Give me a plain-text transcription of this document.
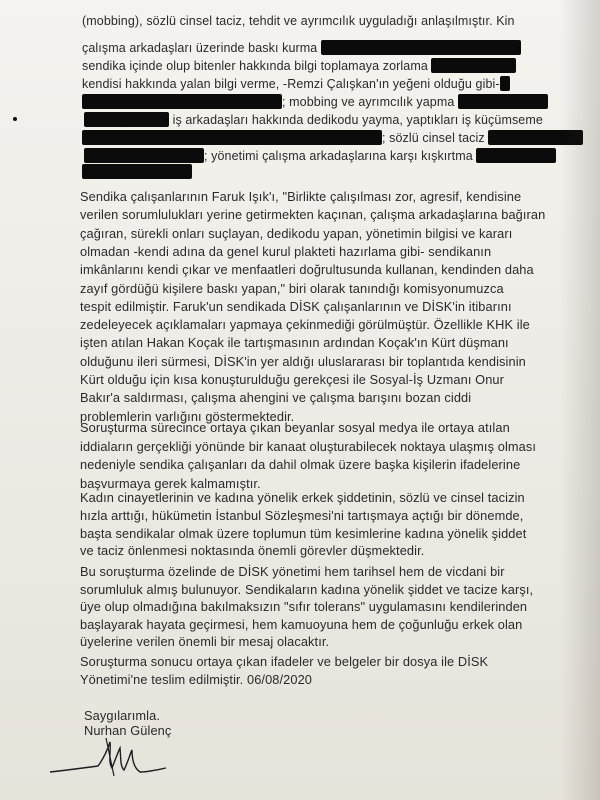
(mobbing), sözlü cinsel taciz, tehdit ve ayrımcılık uyguladığı anlaşılmıştır. Kin
çalışma arkadaşları üzerinde baskı kurma
sendika içinde olup bitenler hakkında bilgi toplamaya zorlama
kendisi hakkında yalan bilgi verme, -Remzi Çalışkan'ın yeğeni olduğu gibi-
; mobbing ve ayrımcılık yapma
iş arkadaşları hakkında dedikodu yayma, yaptıkları iş küçümseme
; sözlü cinsel taciz
; yönetimi çalışma arkadaşlarına karşı kışkırtma
Sendika çalışanlarının Faruk Işık'ı, "Birlikte çalışılması zor, agresif, kendisine
verilen sorumlulukları yerine getirmekten kaçınan, çalışma arkadaşlarına bağıran
çağıran, sürekli onları suçlayan, dedikodu yapan, yönetimin bilgisi ve kararı
olmadan -kendi adına da genel kurul plakteti hazırlama gibi- sendikanın
imkânlarını kendi çıkar ve menfaatleri doğrultusunda kullanan, kendinden daha
zayıf gördüğü kişilere baskı yapan," biri olarak tanındığı komisyonumuzca
tespit edilmiştir. Faruk'un sendikada DİSK çalışanlarının ve DİSK'in itibarını
zedeleyecek açıklamaları yapmaya çekinmediği görülmüştür. Özellikle KHK ile
işten atılan Hakan Koçak ile tartışmasının ardından Koçak'ın Kürt düşmanı
olduğunu ileri sürmesi, DİSK'in yer aldığı uluslararası bir toplantıda kendisinin
Kürt olduğu için kısa konuşturulduğu gerekçesi ile Sosyal-İş Uzmanı Onur
Bakır'a saldırması, çalışma ahengini ve çalışma barışını bozan ciddi
problemlerin varlığını göstermektedir.
Soruşturma sürecince ortaya çıkan beyanlar sosyal medya ile ortaya atılan
iddiaların gerçekliği yönünde bir kanaat oluşturabilecek noktaya ulaşmış olması
nedeniyle sendika çalışanları da dahil olmak üzere başka kişilerin ifadelerine
başvurmaya gerek kalmamıştır.
Kadın cinayetlerinin ve kadına yönelik erkek şiddetinin, sözlü ve cinsel tacizin
hızla arttığı, hükümetin İstanbul Sözleşmesi'ni tartışmaya açtığı bir dönemde,
başta sendikalar olmak üzere toplumun tüm kesimlerine kadına yönelik şiddet
ve taciz önlenmesi noktasında önemli görevler düşmektedir.
Bu soruşturma özelinde de DİSK yönetimi hem tarihsel hem de vicdani bir
sorumluluk almış bulunuyor. Sendikaların kadına yönelik şiddet ve tacize karşı,
üye olup olmadığına bakılmaksızın "sıfır tolerans" uygulamasını kendilerinden
başlayarak hayata geçirmesi, hem kamuoyuna hem de çoğunluğu erkek olan
üyelerine verilen önemli bir mesaj olacaktır.
Soruşturma sonucu ortaya çıkan ifadeler ve belgeler bir dosya ile DİSK
Yönetimi'ne teslim edilmiştir. 06/08/2020
Saygılarımla.
Nurhan Gülenç
